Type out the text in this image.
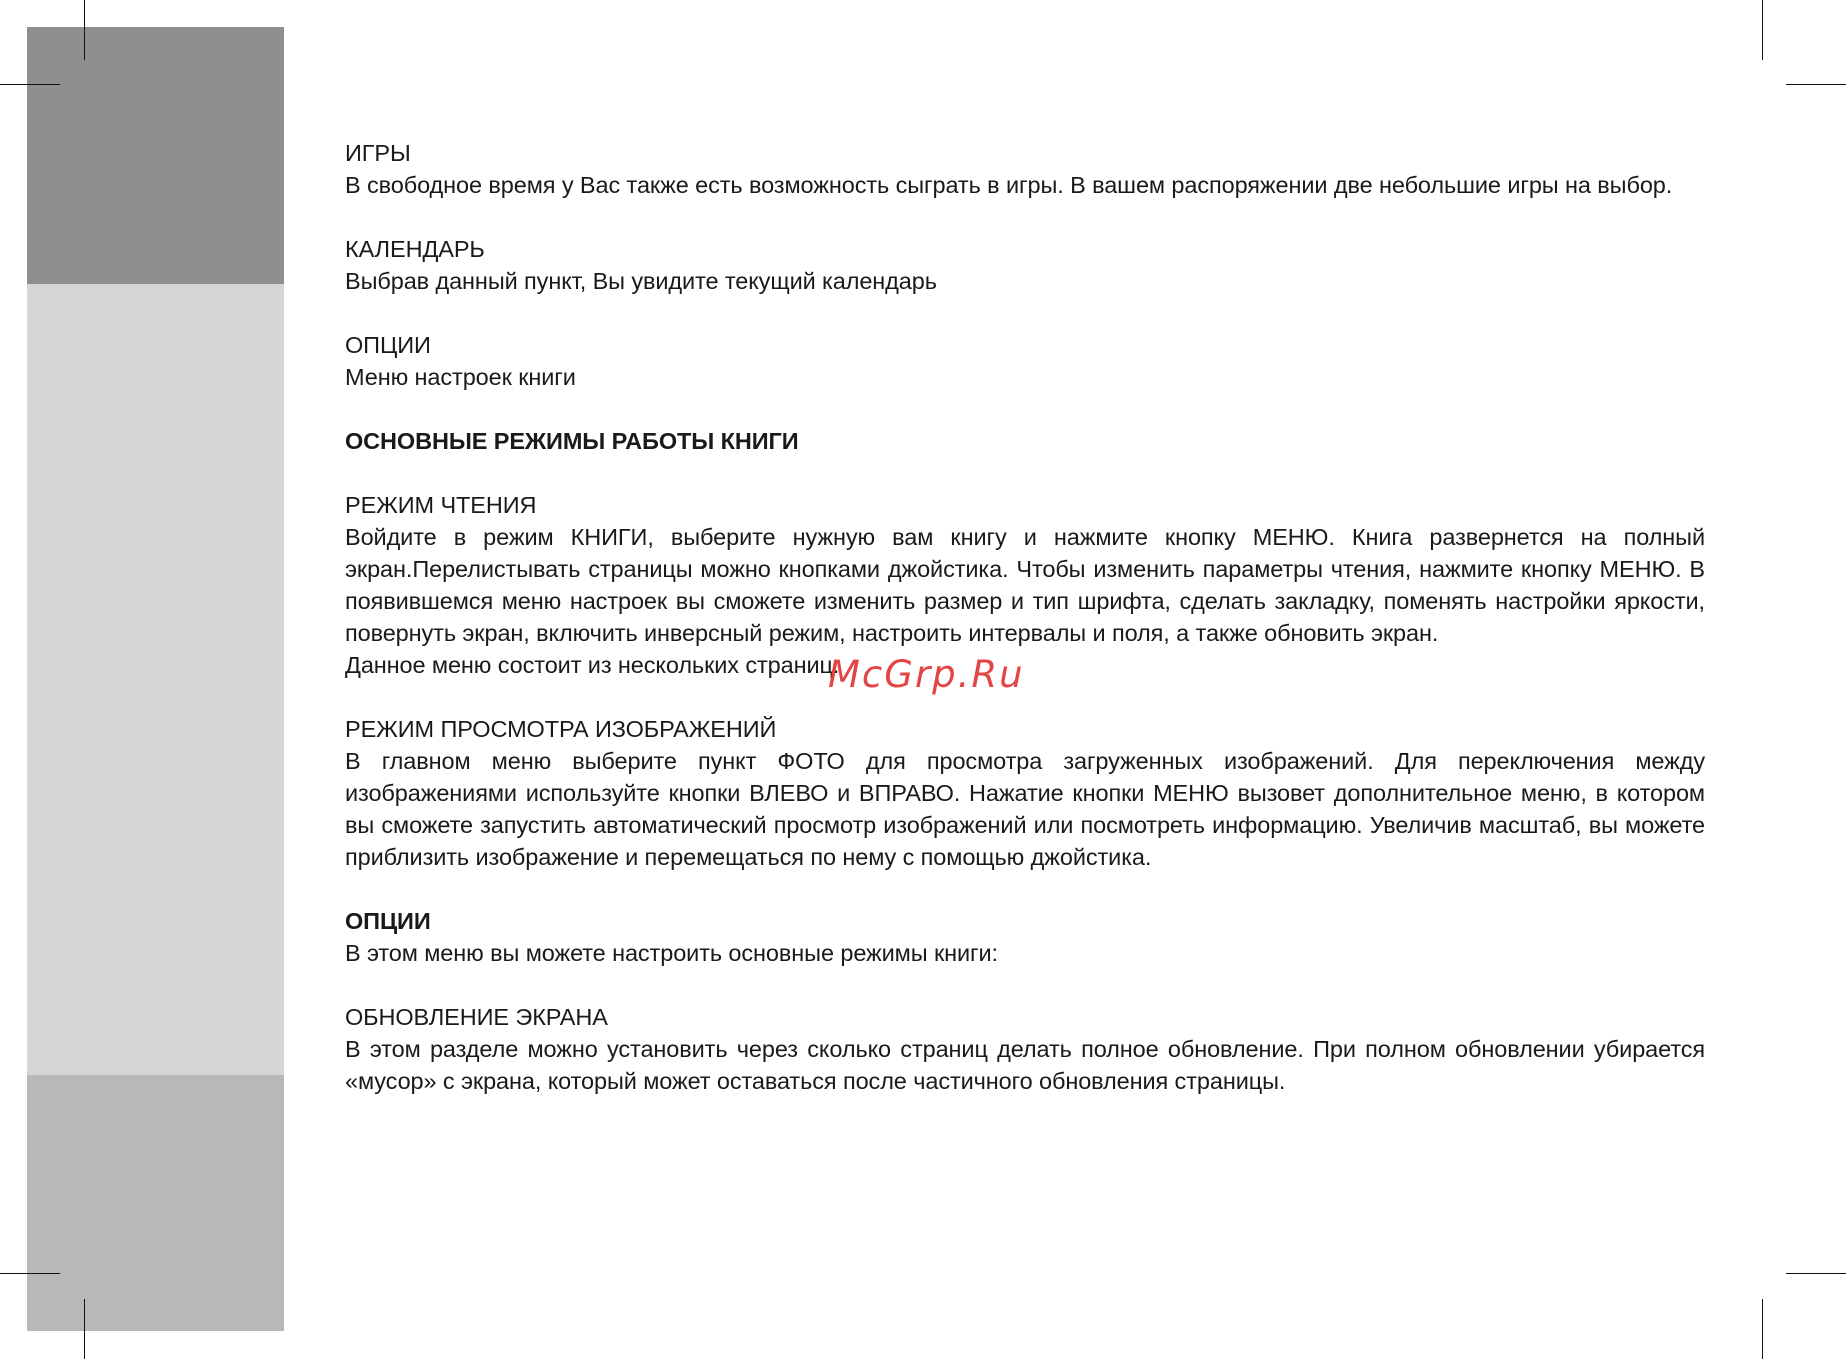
ИГРЫ

В свободное время у Вас также есть возможность сыграть в игры. В вашем распоряжении две небольшие игры на выбор.

КАЛЕНДАРЬ

Выбрав данный пункт, Вы увидите текущий календарь

ОПЦИИ

Меню настроек книги

ОСНОВНЫЕ РЕЖИМЫ РАБОТЫ КНИГИ
РЕЖИМ ЧТЕНИЯ

Войдите в режим КНИГИ, выберите нужную вам книгу и нажмите кнопку МЕНЮ. Книга развернется на полный экран.Перелистывать страницы можно кнопками джойстика. Чтобы изменить параметры чтения, нажмите кнопку МЕНЮ. В появившемся меню настроек вы сможете изменить размер и тип шрифта, сделать закладку, поменять настройки яркости, повернуть экран, включить инверсный режим, настроить интервалы и поля, а также обновить экран.

Данное меню состоит из нескольких страниц.

РЕЖИМ ПРОСМОТРА ИЗОБРАЖЕНИЙ

В главном меню выберите пункт ФОТО для просмотра загруженных изображений. Для переключения между изображениями используйте кнопки ВЛЕВО и ВПРАВО. Нажатие кнопки МЕНЮ вызовет дополнительное меню, в котором вы сможете запустить автоматический просмотр изображений или посмотреть информацию. Увеличив масштаб, вы можете приблизить изображение и перемещаться по нему с помощью джойстика.

ОПЦИИ

В этом меню вы можете настроить основные режимы книги:

ОБНОВЛЕНИЕ ЭКРАНА

В этом разделе можно установить через сколько страниц делать полное обновление. При полном обновлении убирается «мусор» с экрана, который может оставаться после частичного обновления страницы.

McGrp.Ru
